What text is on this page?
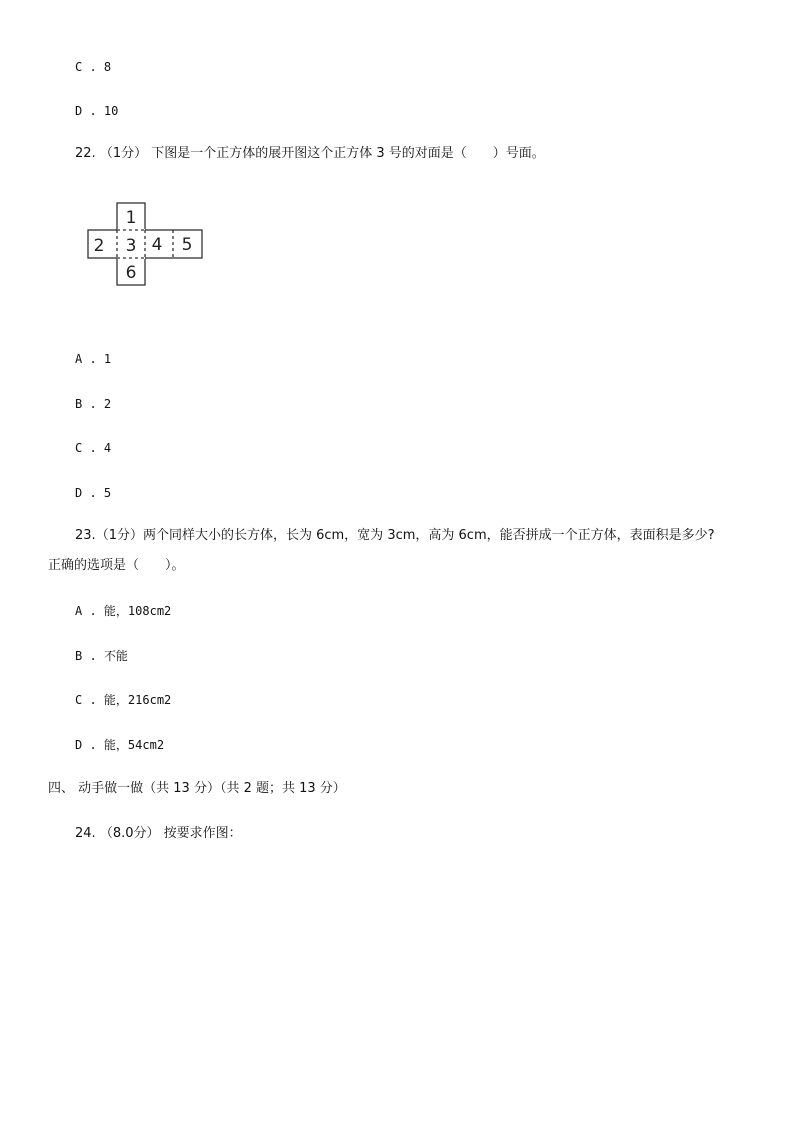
C . 8
D . 10
22. （1分） 下图是一个正方体的展开图这个正方体 3 号的对面是（　　）号面。
1
2 3 4 5
6
A . 1
B . 2
C . 4
D . 5
23.（1分）两个同样大小的长方体，长为 6cm，宽为 3cm，高为 6cm，能否拼成一个正方体，表面积是多少?
正确的选项是（　　）。
A . 能，108cm2
B . 不能
C . 能，216cm2
D . 能，54cm2
四、 动手做一做（共 13 分）（共 2 题；共 13 分）
24. （8.0分） 按要求作图：
